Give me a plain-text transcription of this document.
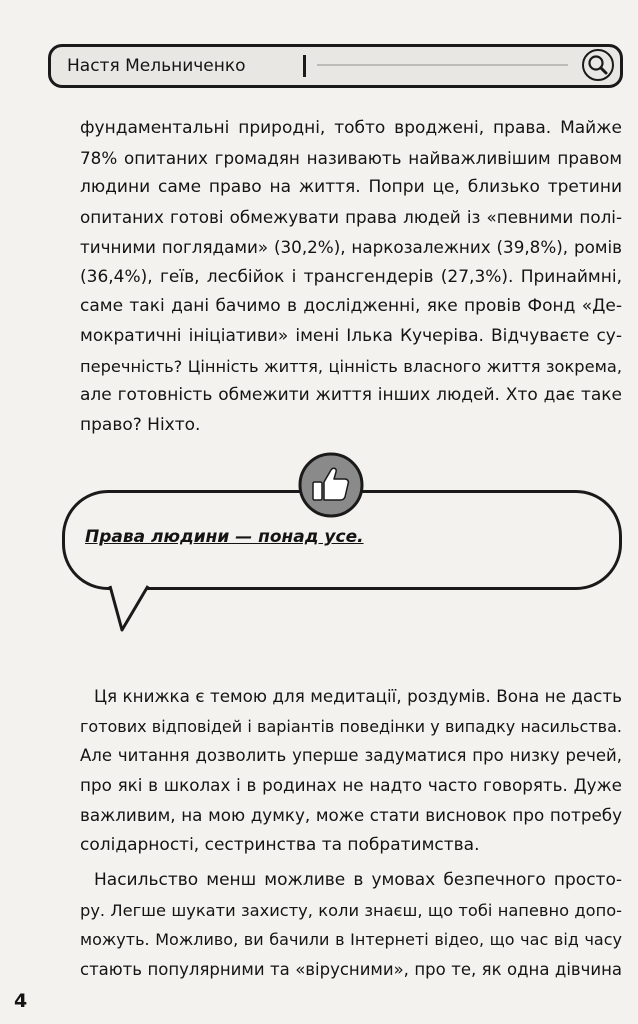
Настя Мельниченко
фундаментальні природні, тобто вроджені, права. Майже
78% опитаних громадян називають найважливішим правом
людини саме право на життя. Попри це, близько третини
опитаних готові обмежувати права людей із «певними полі-
тичними поглядами» (30,2%), наркозалежних (39,8%), ромів
(36,4%), геїв, лесбійок і трансгендерів (27,3%). Принаймні,
саме такі дані бачимо в дослідженні, яке провів Фонд «Де-
мократичні ініціативи» імені Ілька Кучеріва. Відчуваєте су-
перечність? Цінність життя, цінність власного життя зокрема,
але готовність обмежити життя інших людей. Хто дає таке
право? Ніхто.
Права людини — понад усе.
Ця книжка є темою для медитації, роздумів. Вона не дасть
готових відповідей і варіантів поведінки у випадку насильства.
Але читання дозволить уперше задуматися про низку речей,
про які в школах і в родинах не надто часто говорять. Дуже
важливим, на мою думку, може стати висновок про потребу
солідарності, сестринства та побратимства.
Насильство менш можливе в умовах безпечного просто-
ру. Легше шукати захисту, коли знаєш, що тобі напевно допо-
можуть. Можливо, ви бачили в Інтернеті відео, що час від часу
стають популярними та «вірусними», про те, як одна дівчина
4
